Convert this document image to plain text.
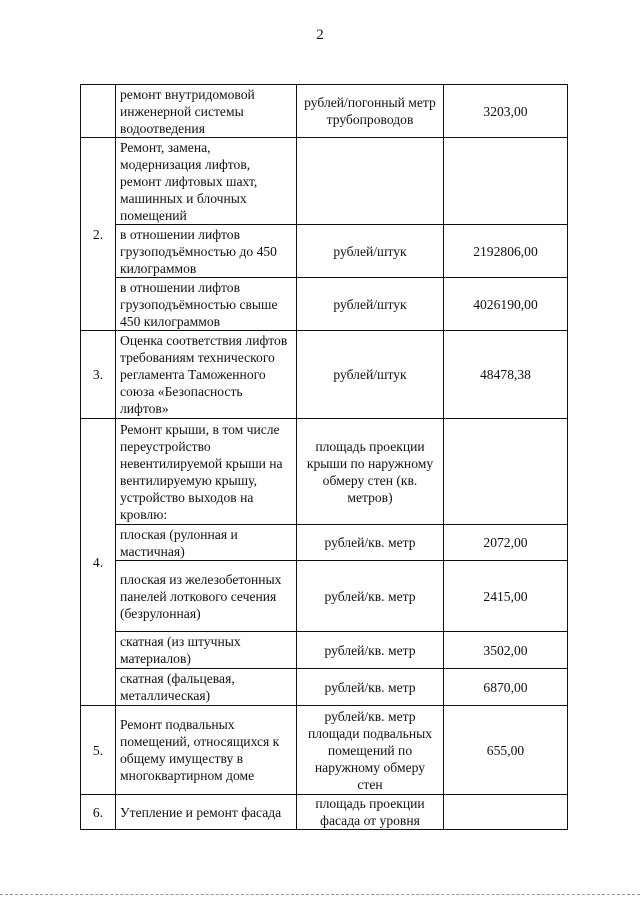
2
	ремонт внутридомовой инженерной системы водоотведения	рублей/погонный метр трубопроводов	3203,00
2.	Ремонт, замена, модернизация лифтов, ремонт лифтовых шахт, машинных и блочных помещений		
	в отношении лифтов грузоподъёмностью до 450 килограммов	рублей/штук	2192806,00
	в отношении лифтов грузоподъёмностью свыше 450 килограммов	рублей/штук	4026190,00
3.	Оценка соответствия лифтов требованиям технического регламента Таможенного союза «Безопасность лифтов»	рублей/штук	48478,38
4.	Ремонт крыши, в том числе переустройство невентилируемой крыши на вентилируемую крышу, устройство выходов на кровлю:	площадь проекции крыши по наружному обмеру стен (кв. метров)	
	плоская (рулонная и мастичная)	рублей/кв. метр	2072,00
	плоская из железобетонных панелей лоткового сечения (безрулонная)	рублей/кв. метр	2415,00
	скатная (из штучных материалов)	рублей/кв. метр	3502,00
	скатная (фальцевая, металлическая)	рублей/кв. метр	6870,00
5.	Ремонт подвальных помещений, относящихся к общему имуществу в многоквартирном доме	рублей/кв. метр площади подвальных помещений по наружному обмеру стен	655,00
6.	Утепление и ремонт фасада	площадь проекции фасада от уровня	
